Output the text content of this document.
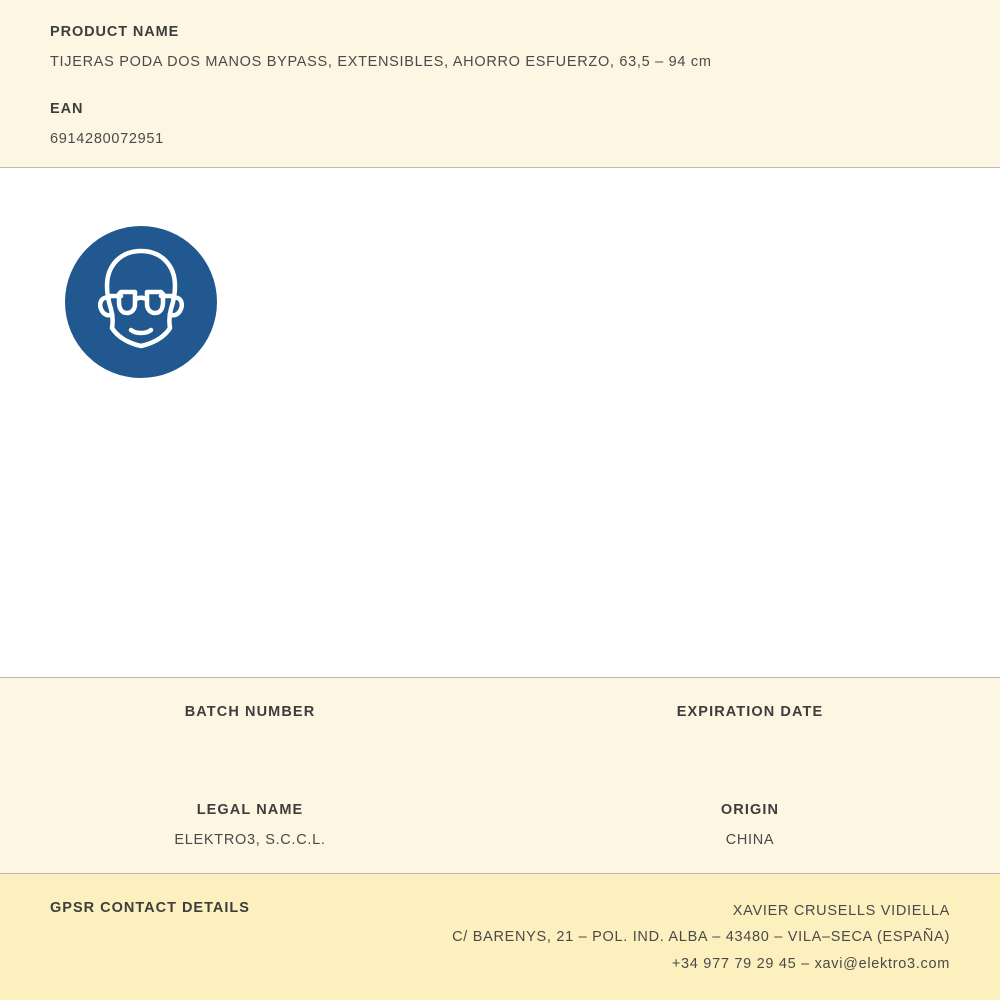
PRODUCT NAME
TIJERAS PODA DOS MANOS BYPASS, EXTENSIBLES, AHORRO ESFUERZO, 63,5 – 94 cm
EAN
6914280072951
BATCH NUMBER	EXPIRATION DATE
LEGAL NAME
ELEKTRO3, S.C.C.L.
ORIGIN
CHINA
GPSR CONTACT DETAILS	XAVIER CRUSELLS VIDIELLA
C/ BARENYS, 21 – POL. IND. ALBA – 43480 – VILA–SECA (ESPAÑA)
+34 977 79 29 45 – xavi@elektro3.com
